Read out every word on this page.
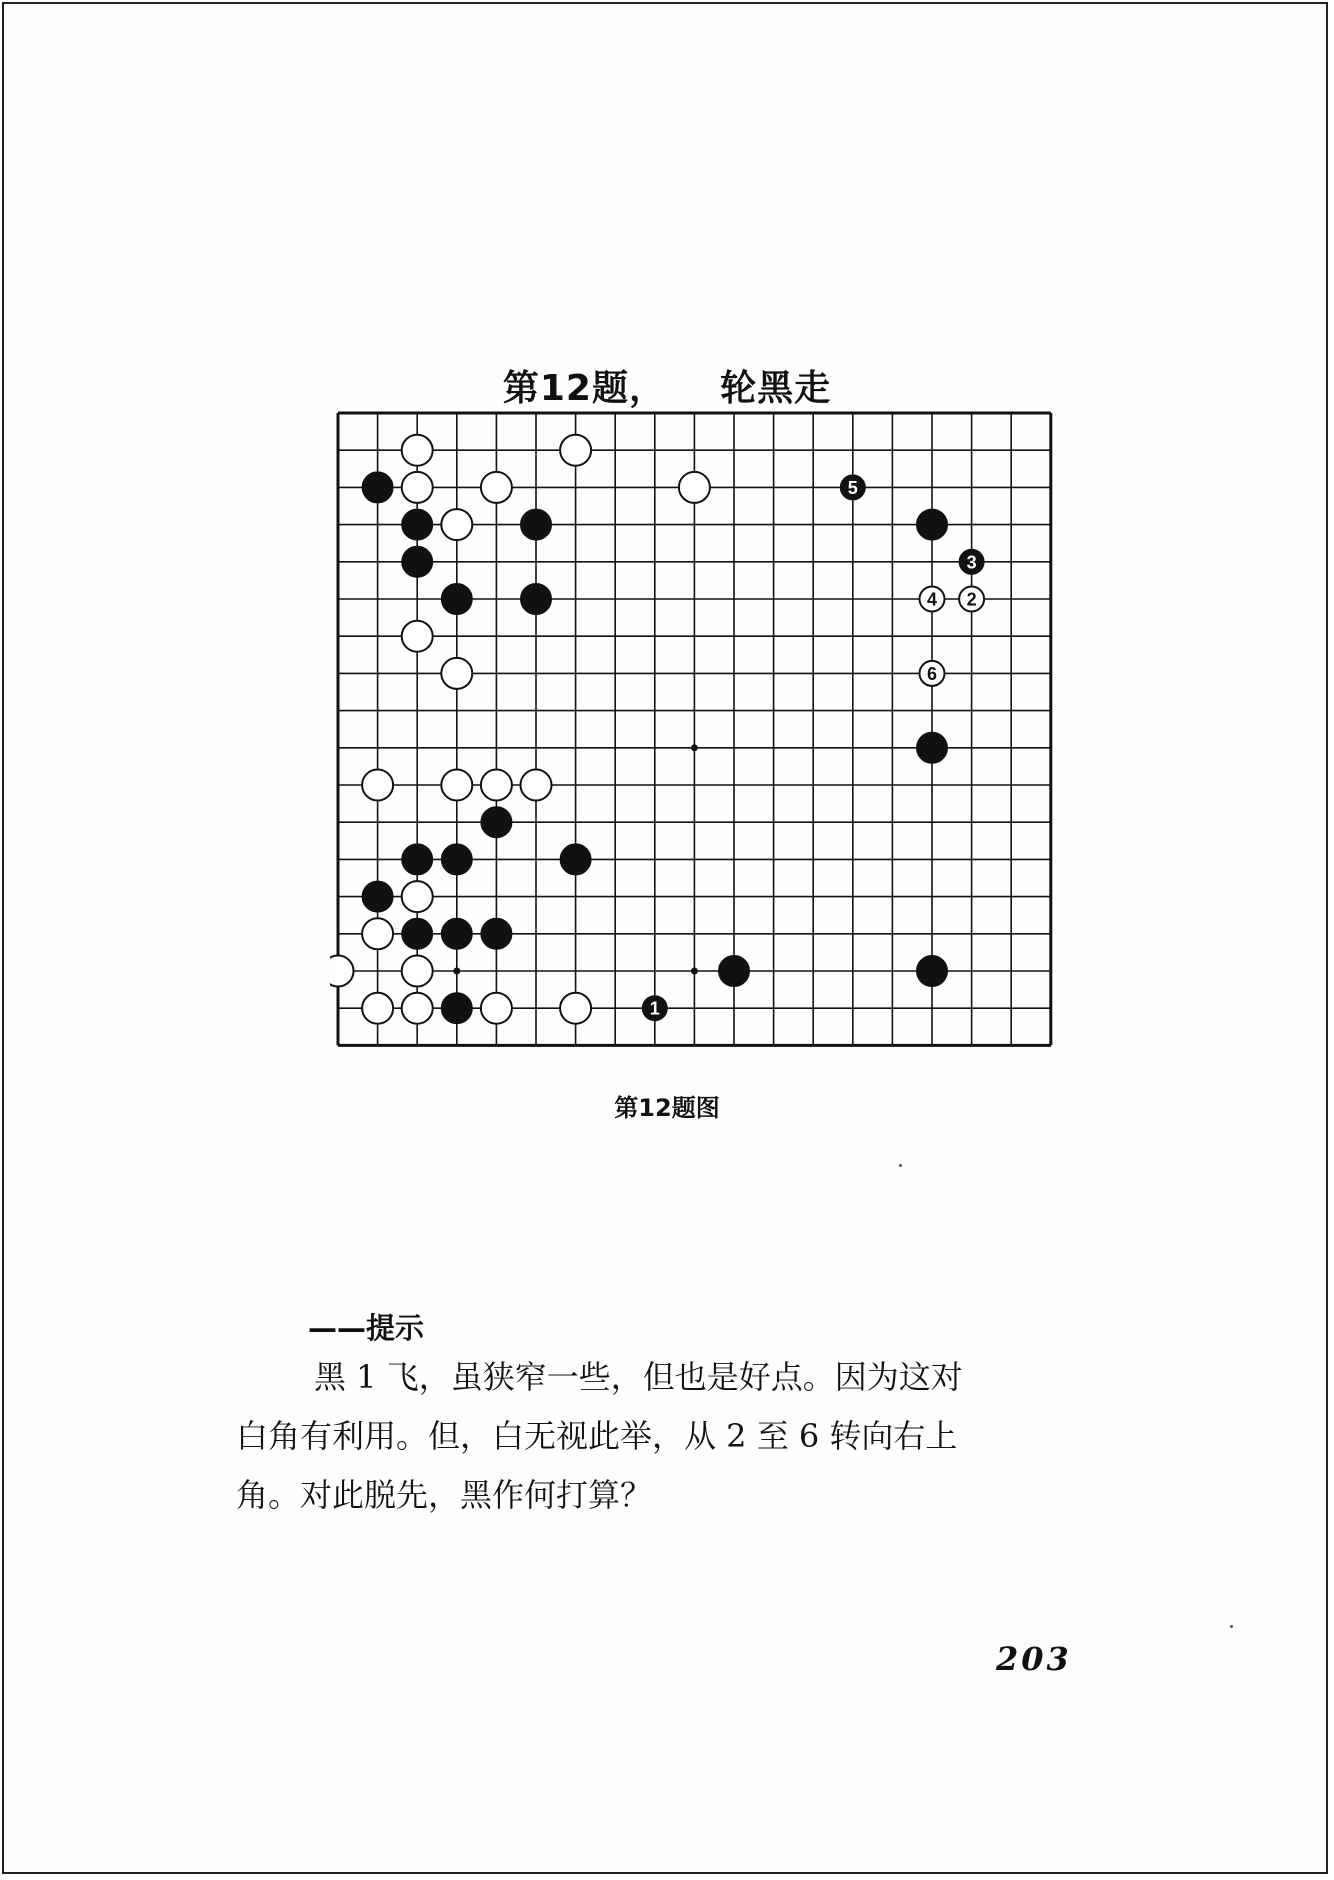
第12题，    轮黑走
5
3
4 2
6
1
第12题图
——提示
黑 1 飞，虽狭窄一些，但也是好点。因为这对
白角有利用。但，白无视此举，从 2 至 6 转向右上
角。对此脱先，黑作何打算？
203
